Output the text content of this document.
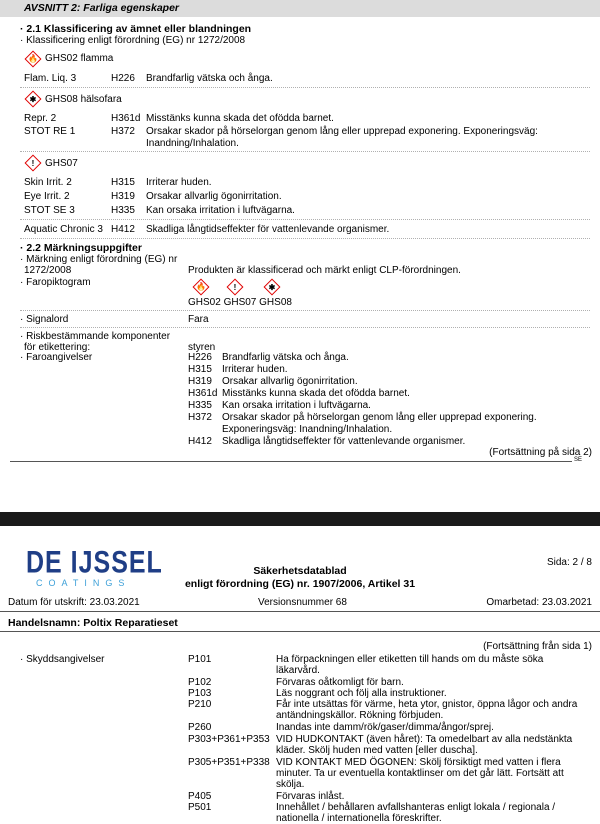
AVSNITT 2: Farliga egenskaper
· 2.1 Klassificering av ämnet eller blandningen
· Klassificering enligt förordning (EG) nr 1272/2008
🔥 GHS02 flamma
Flam. Liq. 3	H226 Brandfarlig vätska och ånga.
✱ GHS08 hälsofara
Repr. 2	H361d Misstänks kunna skada det ofödda barnet.
STOT RE 1	H372 Orsakar skador på hörselorgan genom lång eller upprepad exponering. Exponeringsväg:
Inandning/Inhalation.
!	GHS07
Skin Irrit. 2	H315 Irriterar huden.
Eye Irrit. 2	H319 Orsakar allvarlig ögonirritation.
STOT SE 3	H335 Kan orsaka irritation i luftvägarna.
Aquatic Chronic 3 H412 Skadliga långtidseffekter för vattenlevande organismer.
· 2.2 Märkningsuppgifter
· Märkning enligt förordning (EG) nr
1272/2008	Produkten är klassificerad och märkt enligt CLP-förordningen.
· Faropiktogram	🔥	!	✱
GHS02 GHS07 GHS08
· Signalord	Fara
· Riskbestämmande komponenter
för etikettering:	styren
· Faroangivelser	H226 Brandfarlig vätska och ånga.
H315 Irriterar huden.
H319 Orsakar allvarlig ögonirritation.
H361d Misstänks kunna skada det ofödda barnet.
H335 Kan orsaka irritation i luftvägarna.
H372 Orsakar skador på hörselorgan genom lång eller upprepad exponering.
Exponeringsväg: Inandning/Inhalation.
H412 Skadliga långtidseffekter för vattenlevande organismer.
(Fortsättning på sida 2)
SE
DE IJSSEL
COATINGS
Säkerhetsdatablad
enligt förordning (EG) nr. 1907/2006, Artikel 31
Sida: 2 / 8
Datum för utskrift: 23.03.2021	Versionsnummer 68	Omarbetad: 23.03.2021
Handelsnamn: Poltix Reparatieset
(Fortsättning från sida 1)
· Skyddsangivelser	P101	Ha förpackningen eller etiketten till hands om du måste söka
läkarvård.
P102	Förvaras oåtkomligt för barn.
P103	Läs noggrant och följ alla instruktioner.
P210	Får inte utsättas för värme, heta ytor, gnistor, öppna lågor och andra
antändningskällor. Rökning förbjuden.
P260	Inandas inte damm/rök/gaser/dimma/ångor/sprej.
P303+P361+P353 VID HUDKONTAKT (även håret): Ta omedelbart av alla nedstänkta
kläder. Skölj huden med vatten [eller duscha].
P305+P351+P338 VID KONTAKT MED ÖGONEN: Skölj försiktigt med vatten i flera
minuter. Ta ur eventuella kontaktlinser om det går lätt. Fortsätt att
skölja.
P405	Förvaras inlåst.
P501	Innehållet / behållaren avfallshanteras enligt lokala / regionala /
nationella / internationella föreskrifter.
